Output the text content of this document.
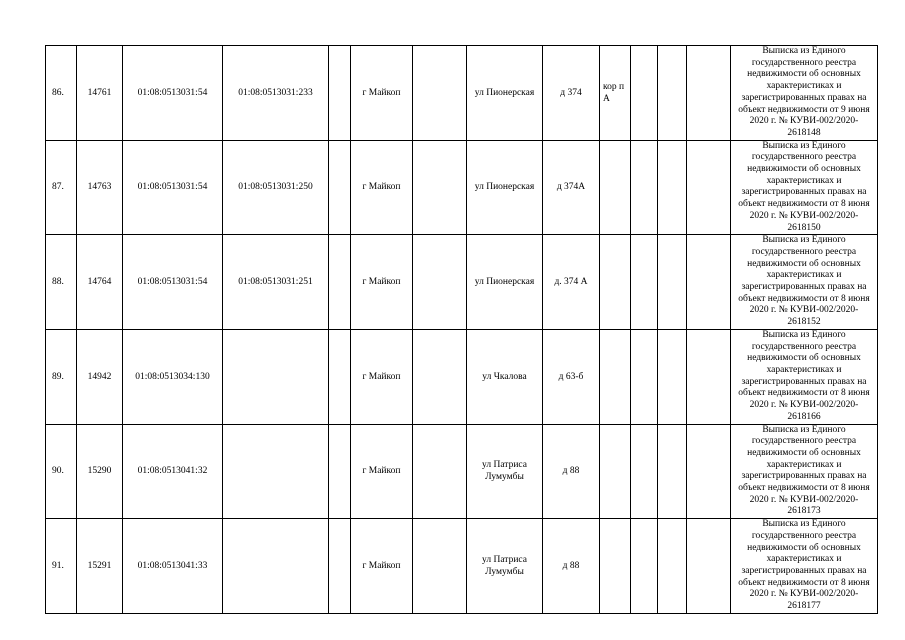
86.	14761	01:08:0513031:54	01:08:0513031:233		г Майкоп		ул Пионерская	д 374	кор п А				Выписка из Единого государственного реестра недвижимости об основных характеристиках и зарегистрированных правах на объект недвижимости от 9 июня 2020 г. № КУВИ-002/2020-2618148
87.	14763	01:08:0513031:54	01:08:0513031:250		г Майкоп		ул Пионерская	д 374А					Выписка из Единого государственного реестра недвижимости об основных характеристиках и зарегистрированных правах на объект недвижимости от 8 июня 2020 г. № КУВИ-002/2020-2618150
88.	14764	01:08:0513031:54	01:08:0513031:251		г Майкоп		ул Пионерская	д. 374 А					Выписка из Единого государственного реестра недвижимости об основных характеристиках и зарегистрированных правах на объект недвижимости от 8 июня 2020 г. № КУВИ-002/2020-2618152
89.	14942	01:08:0513034:130			г Майкоп		ул Чкалова	д 63-б					Выписка из Единого государственного реестра недвижимости об основных характеристиках и зарегистрированных правах на объект недвижимости от 8 июня 2020 г. № КУВИ-002/2020-2618166
90.	15290	01:08:0513041:32			г Майкоп		ул Патриса Лумумбы	д 88					Выписка из Единого государственного реестра недвижимости об основных характеристиках и зарегистрированных правах на объект недвижимости от 8 июня 2020 г. № КУВИ-002/2020-2618173
91.	15291	01:08:0513041:33			г Майкоп		ул Патриса Лумумбы	д 88					Выписка из Единого государственного реестра недвижимости об основных характеристиках и зарегистрированных правах на объект недвижимости от 8 июня 2020 г. № КУВИ-002/2020-2618177
